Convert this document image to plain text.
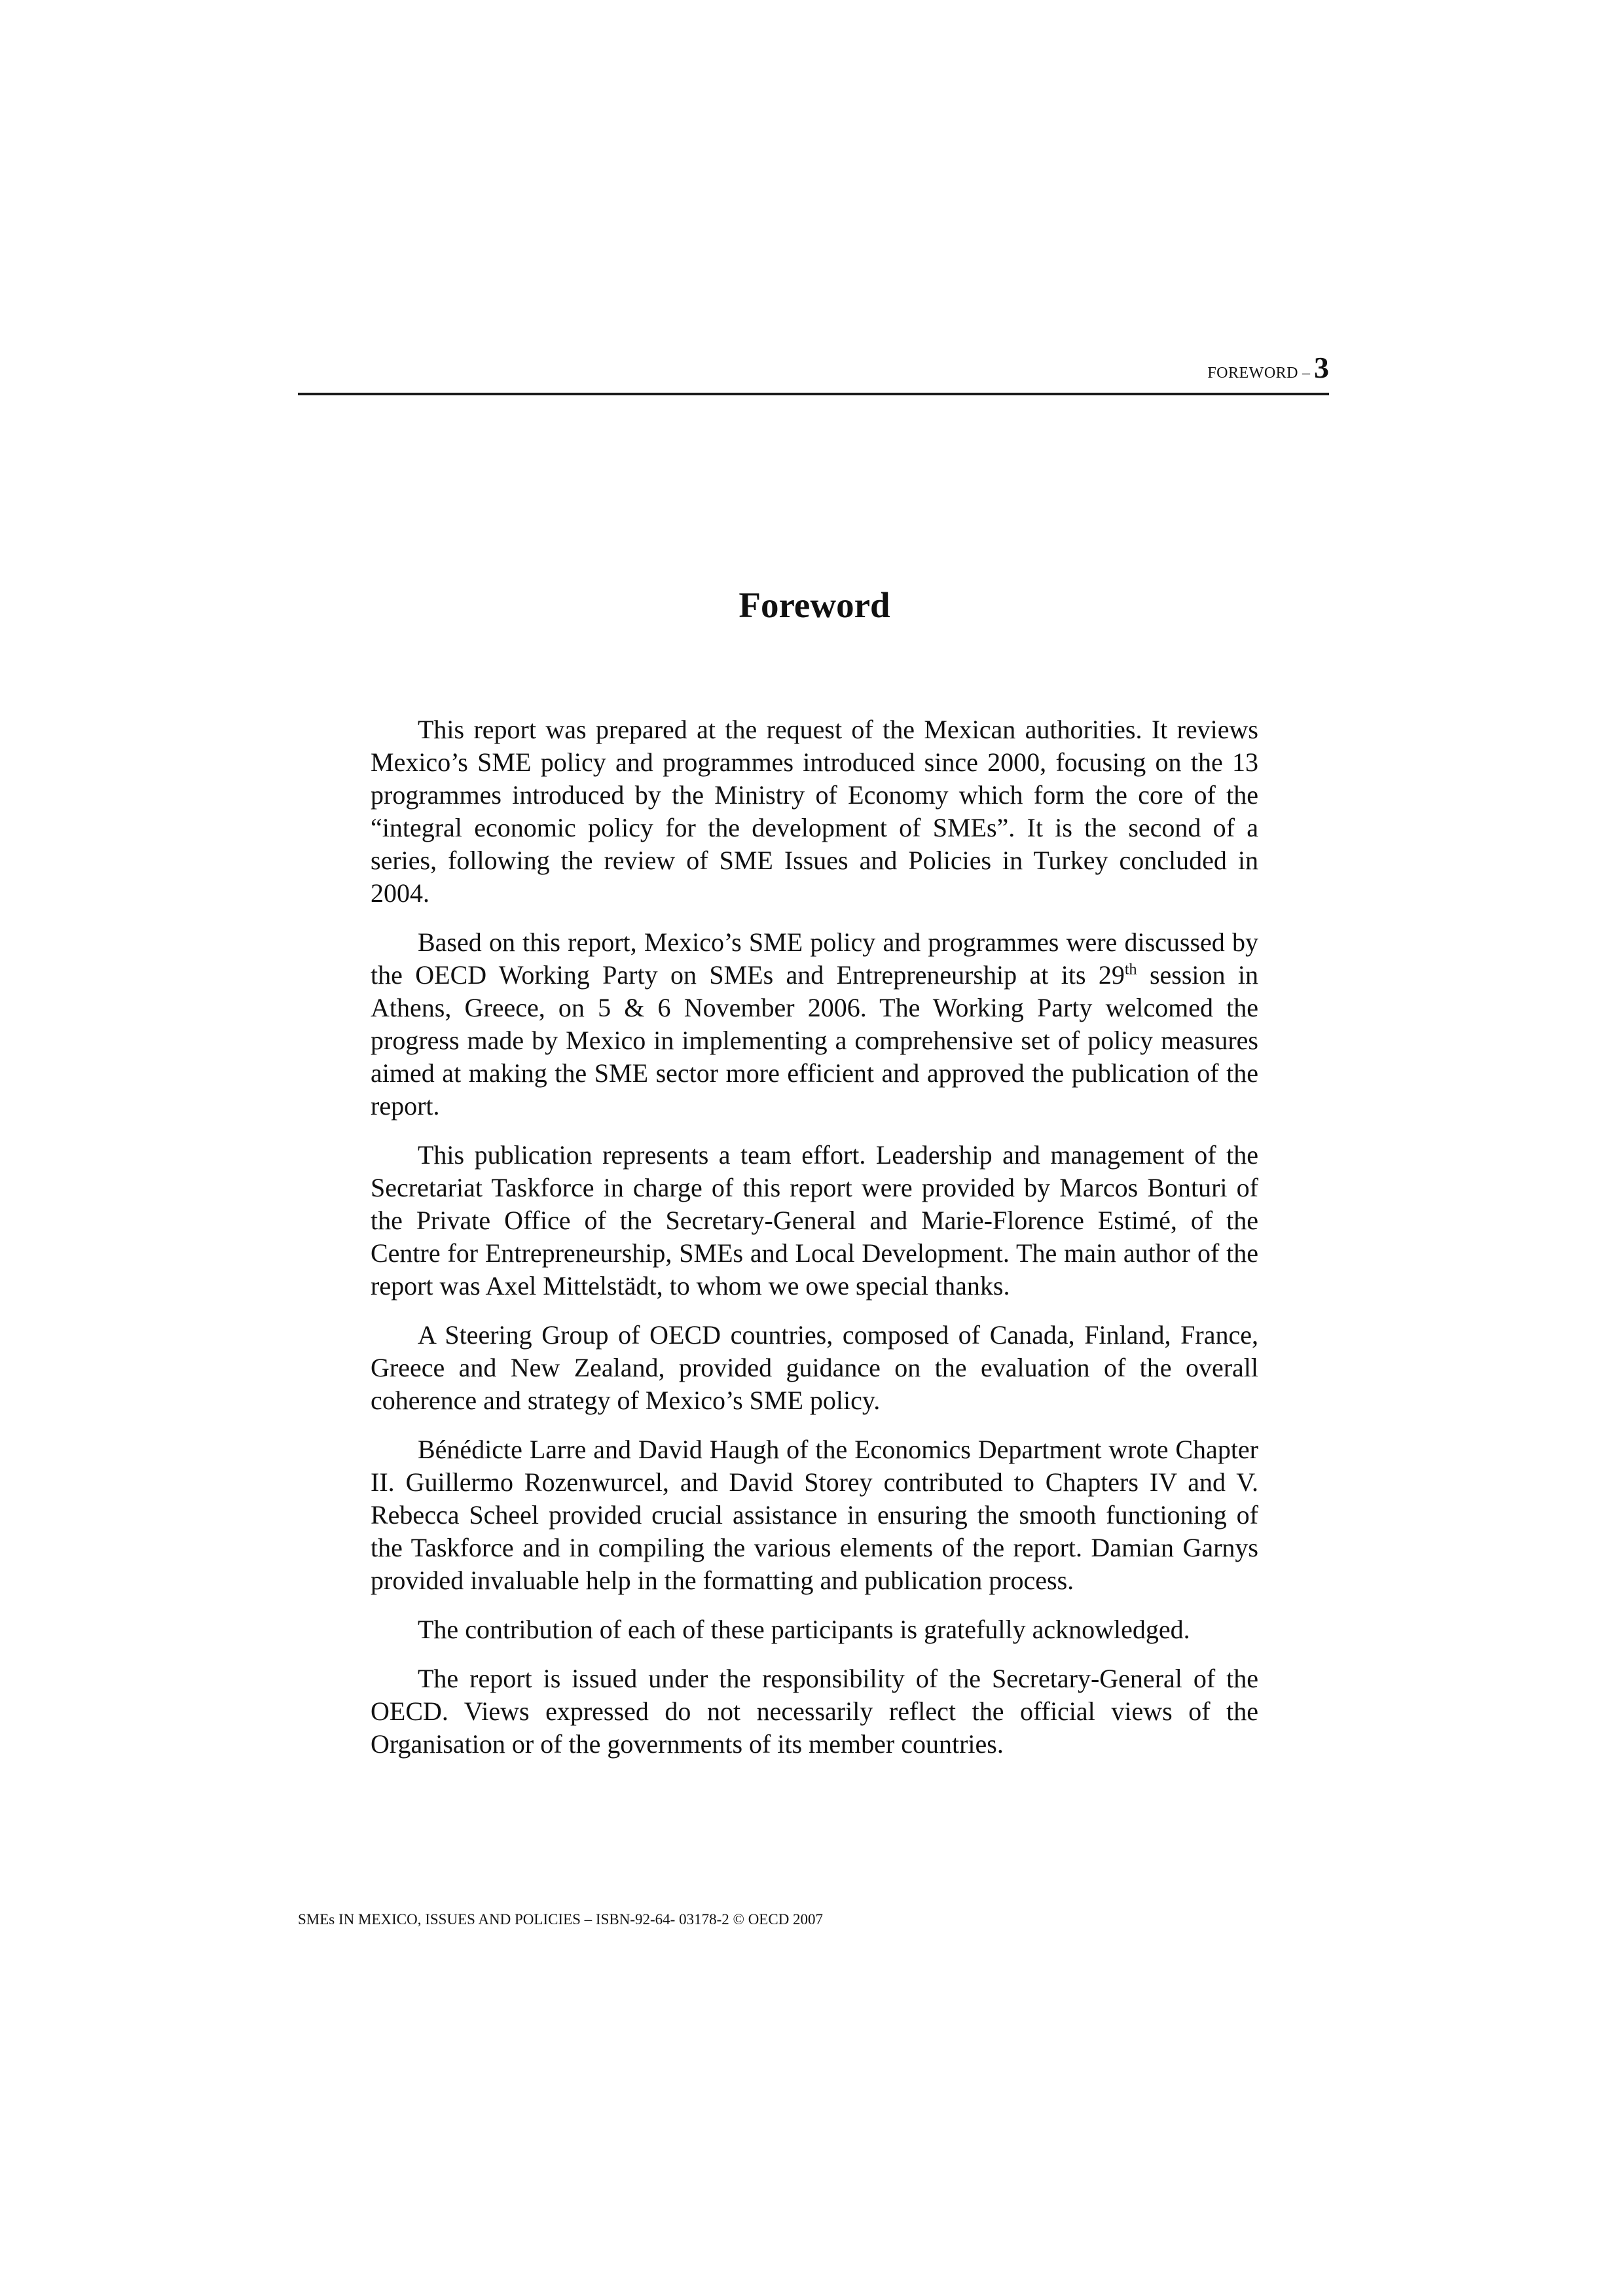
FOREWORD – 3
Foreword

This report was prepared at the request of the Mexican authorities. It reviews Mexico’s SME policy and programmes introduced since 2000, focusing on the 13 programmes introduced by the Ministry of Economy which form the core of the “integral economic policy for the development of SMEs”. It is the second of a series, following the review of SME Issues and Policies in Turkey concluded in 2004.

Based on this report, Mexico’s SME policy and programmes were discussed by the OECD Working Party on SMEs and Entrepreneurship at its 29th session in Athens, Greece, on 5 & 6 November 2006. The Working Party welcomed the progress made by Mexico in implementing a comprehensive set of policy measures aimed at making the SME sector more efficient and approved the publication of the report.

This publication represents a team effort. Leadership and management of the Secretariat Taskforce in charge of this report were provided by Marcos Bonturi of the Private Office of the Secretary-General and Marie-Florence Estimé, of the Centre for Entrepreneurship, SMEs and Local Development. The main author of the report was Axel Mittelstädt, to whom we owe special thanks.

A Steering Group of OECD countries, composed of Canada, Finland, France, Greece and New Zealand, provided guidance on the evaluation of the overall coherence and strategy of Mexico’s SME policy.

Bénédicte Larre and David Haugh of the Economics Department wrote Chapter II. Guillermo Rozenwurcel, and David Storey contributed to Chapters IV and V. Rebecca Scheel provided crucial assistance in ensuring the smooth functioning of the Taskforce and in compiling the various elements of the report. Damian Garnys provided invaluable help in the formatting and publication process.

The contribution of each of these participants is gratefully acknowledged.

The report is issued under the responsibility of the Secretary-General of the OECD. Views expressed do not necessarily reflect the official views of the Organisation or of the governments of its member countries.

SMEs IN MEXICO, ISSUES AND POLICIES – ISBN-92-64- 03178-2 © OECD 2007
